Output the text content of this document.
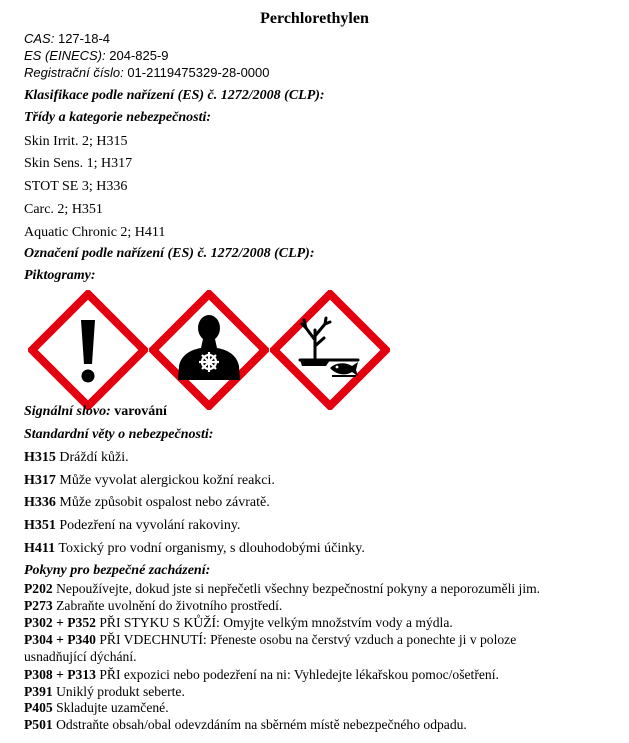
Perchlorethylen
CAS: 127-18-4
ES (EINECS): 204-825-9
Registrační číslo: 01-2119475329-28-0000
Klasifikace podle nařízení (ES) č. 1272/2008 (CLP):
Třídy a kategorie nebezpečnosti:
Skin Irrit. 2; H315
Skin Sens. 1; H317
STOT SE 3; H336
Carc. 2; H351
Aquatic Chronic 2; H411
Označení podle nařízení (ES) č. 1272/2008 (CLP):
Piktogramy:
Signální slovo: varování
Standardní věty o nebezpečnosti:
H315 Dráždí kůži.
H317 Může vyvolat alergickou kožní reakci.
H336 Může způsobit ospalost nebo závratě.
H351 Podezření na vyvolání rakoviny.
H411 Toxický pro vodní organismy, s dlouhodobými účinky.
Pokyny pro bezpečné zacházení:
P202 Nepoužívejte, dokud jste si nepřečetli všechny bezpečnostní pokyny a neporozuměli jim.
P273 Zabraňte uvolnění do životního prostředí.
P302 + P352 PŘI STYKU S KŮŽÍ: Omyjte velkým množstvím vody a mýdla.
P304 + P340 PŘI VDECHNUTÍ: Přeneste osobu na čerstvý vzduch a ponechte ji v poloze
usnadňující dýchání.
P308 + P313 PŘI expozici nebo podezření na ni: Vyhledejte lékařskou pomoc/ošetření.
P391 Uniklý produkt seberte.
P405 Skladujte uzamčené.
P501 Odstraňte obsah/obal odevzdáním na sběrném místě nebezpečného odpadu.
